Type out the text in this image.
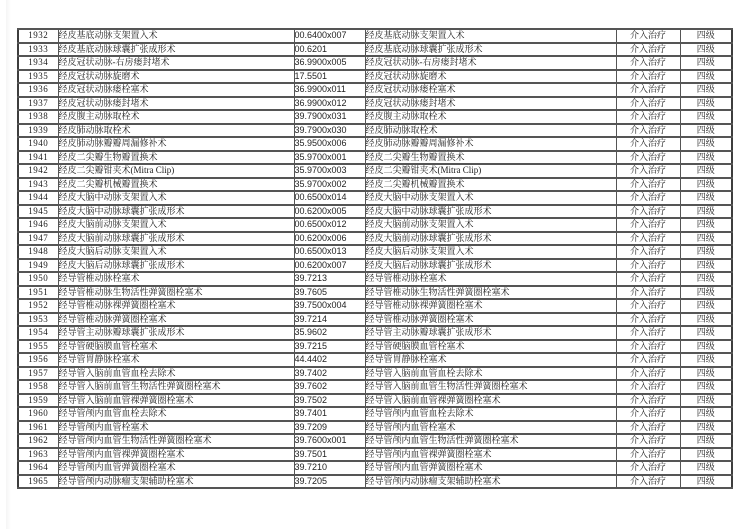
1932	经皮基底动脉支架置入术	00.6400x007	经皮基底动脉支架置入术	介入治疗	四级
1933	经皮基底动脉球囊扩张成形术	00.6201	经皮基底动脉球囊扩张成形术	介入治疗	四级
1934	经皮冠状动脉-右房瘘封堵术	36.9900x005	经皮冠状动脉-右房瘘封堵术	介入治疗	四级
1935	经皮冠状动脉旋磨术	17.5501	经皮冠状动脉旋磨术	介入治疗	四级
1936	经皮冠状动脉瘘栓塞术	36.9900x011	经皮冠状动脉瘘栓塞术	介入治疗	四级
1937	经皮冠状动脉瘘封堵术	36.9900x012	经皮冠状动脉瘘封堵术	介入治疗	四级
1938	经皮腹主动脉取栓术	39.7900x031	经皮腹主动脉取栓术	介入治疗	四级
1939	经皮肺动脉取栓术	39.7900x030	经皮肺动脉取栓术	介入治疗	四级
1940	经皮肺动脉瓣瓣周漏修补术	35.9500x006	经皮肺动脉瓣瓣周漏修补术	介入治疗	四级
1941	经皮二尖瓣生物瓣置换术	35.9700x001	经皮二尖瓣生物瓣置换术	介入治疗	四级
1942	经皮二尖瓣钳夹术(Mitra Clip)	35.9700x003	经皮二尖瓣钳夹术(Mitra Clip)	介入治疗	四级
1943	经皮二尖瓣机械瓣置换术	35.9700x002	经皮二尖瓣机械瓣置换术	介入治疗	四级
1944	经皮大脑中动脉支架置入术	00.6500x014	经皮大脑中动脉支架置入术	介入治疗	四级
1945	经皮大脑中动脉球囊扩张成形术	00.6200x005	经皮大脑中动脉球囊扩张成形术	介入治疗	四级
1946	经皮大脑前动脉支架置入术	00.6500x012	经皮大脑前动脉支架置入术	介入治疗	四级
1947	经皮大脑前动脉球囊扩张成形术	00.6200x006	经皮大脑前动脉球囊扩张成形术	介入治疗	四级
1948	经皮大脑后动脉支架置入术	00.6500x013	经皮大脑后动脉支架置入术	介入治疗	四级
1949	经皮大脑后动脉球囊扩张成形术	00.6200x007	经皮大脑后动脉球囊扩张成形术	介入治疗	四级
1950	经导管椎动脉栓塞术	39.7213	经导管椎动脉栓塞术	介入治疗	四级
1951	经导管椎动脉生物活性弹簧圈栓塞术	39.7605	经导管椎动脉生物活性弹簧圈栓塞术	介入治疗	四级
1952	经导管椎动脉裸弹簧圈栓塞术	39.7500x004	经导管椎动脉裸弹簧圈栓塞术	介入治疗	四级
1953	经导管椎动脉弹簧圈栓塞术	39.7214	经导管椎动脉弹簧圈栓塞术	介入治疗	四级
1954	经导管主动脉瓣球囊扩张成形术	35.9602	经导管主动脉瓣球囊扩张成形术	介入治疗	四级
1955	经导管硬脑膜血管栓塞术	39.7215	经导管硬脑膜血管栓塞术	介入治疗	四级
1956	经导管胃静脉栓塞术	44.4402	经导管胃静脉栓塞术	介入治疗	四级
1957	经导管入脑前血管血栓去除术	39.7402	经导管入脑前血管血栓去除术	介入治疗	四级
1958	经导管入脑前血管生物活性弹簧圈栓塞术	39.7602	经导管入脑前血管生物活性弹簧圈栓塞术	介入治疗	四级
1959	经导管入脑前血管裸弹簧圈栓塞术	39.7502	经导管入脑前血管裸弹簧圈栓塞术	介入治疗	四级
1960	经导管颅内血管血栓去除术	39.7401	经导管颅内血管血栓去除术	介入治疗	四级
1961	经导管颅内血管栓塞术	39.7209	经导管颅内血管栓塞术	介入治疗	四级
1962	经导管颅内血管生物活性弹簧圈栓塞术	39.7600x001	经导管颅内血管生物活性弹簧圈栓塞术	介入治疗	四级
1963	经导管颅内血管裸弹簧圈栓塞术	39.7501	经导管颅内血管裸弹簧圈栓塞术	介入治疗	四级
1964	经导管颅内血管弹簧圈栓塞术	39.7210	经导管颅内血管弹簧圈栓塞术	介入治疗	四级
1965	经导管颅内动脉瘤支架辅助栓塞术	39.7205	经导管颅内动脉瘤支架辅助栓塞术	介入治疗	四级
